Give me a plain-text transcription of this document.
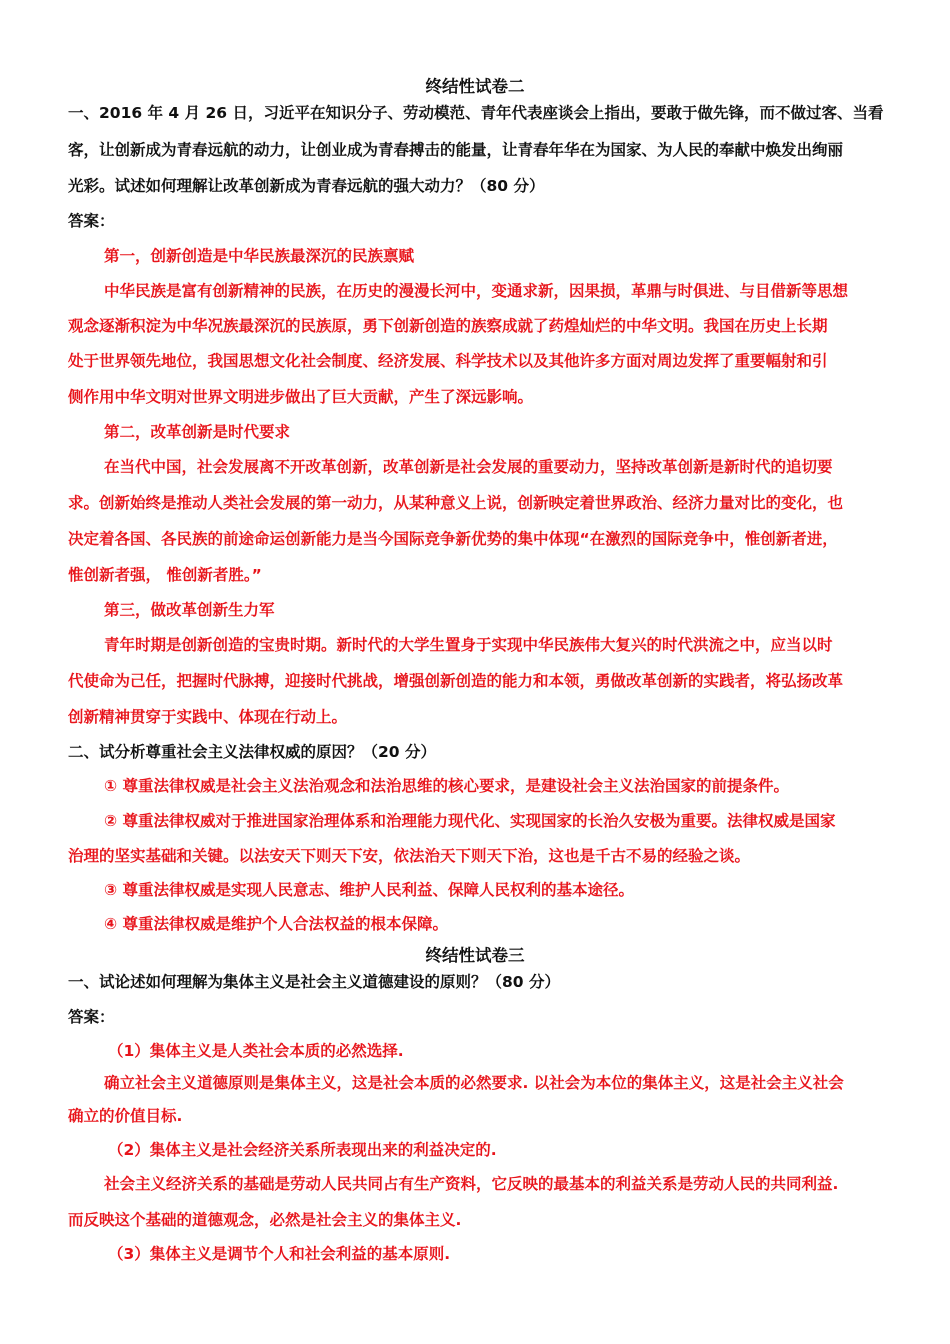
终结性试卷二
一、2016 年 4 月 26 日，习近平在知识分子、劳动模范、青年代表座谈会上指出，要敢于做先锋，而不做过客、当看
客，让创新成为青春远航的动力，让创业成为青春搏击的能量，让青春年华在为国家、为人民的奉献中焕发出绚丽
光彩。试述如何理解让改革创新成为青春远航的强大动力？（80 分）
答案：
第一，创新创造是中华民族最深沉的民族禀赋
中华民族是富有创新精神的民族，在历史的漫漫长河中，变通求新，因果损，革鼎与时俱进、与目借新等思想
观念逐渐积淀为中华况族最深沉的民族原，勇下创新创造的族察成就了药煌灿烂的中华文明。我国在历史上长期
处于世界领先地位，我国思想文化社会制度、经济发展、科学技术以及其他许多方面对周边发挥了重要幅射和引
侧作用中华文明对世界文明进步做出了巨大贡献，产生了深远影响。
第二，改革创新是时代要求
在当代中国，社会发展离不开改革创新，改革创新是社会发展的重要动力，坚持改革创新是新时代的追切要
求。创新始终是推动人类社会发展的第一动力，从某种意义上说，创新映定着世界政治、经济力量对比的变化，也
决定着各国、各民族的前途命运创新能力是当今国际竞争新优势的集中体现“在激烈的国际竞争中，惟创新者进，
惟创新者强， 惟创新者胜。”
第三，做改革创新生力军
青年时期是创新创造的宝贵时期。新时代的大学生置身于实现中华民族伟大复兴的时代洪流之中，应当以时
代使命为己任，把握时代脉搏，迎接时代挑战，增强创新创造的能力和本领，勇做改革创新的实践者，将弘扬改革
创新精神贯穿于实践中、体现在行动上。
二、试分析尊重社会主义法律权威的原因？（20 分）
① 尊重法律权威是社会主义法治观念和法治思维的核心要求，是建设社会主义法治国家的前提条件。
② 尊重法律权威对于推进国家治理体系和治理能力现代化、实现国家的长治久安极为重要。法律权威是国家
治理的坚实基础和关键。以法安天下则天下安，依法治天下则天下治，这也是千古不易的经验之谈。
③ 尊重法律权威是实现人民意志、维护人民利益、保障人民权利的基本途径。
④ 尊重法律权威是维护个人合法权益的根本保障。
终结性试卷三
一、试论述如何理解为集体主义是社会主义道德建设的原则？（80 分）
答案：
（1）集体主义是人类社会本质的必然选择.
确立社会主义道德原则是集体主义，这是社会本质的必然要求. 以社会为本位的集体主义，这是社会主义社会
确立的价值目标.
（2）集体主义是社会经济关系所表现出来的利益决定的.
社会主义经济关系的基础是劳动人民共同占有生产资料，它反映的最基本的利益关系是劳动人民的共同利益.
而反映这个基础的道德观念，必然是社会主义的集体主义.
（3）集体主义是调节个人和社会利益的基本原则.
